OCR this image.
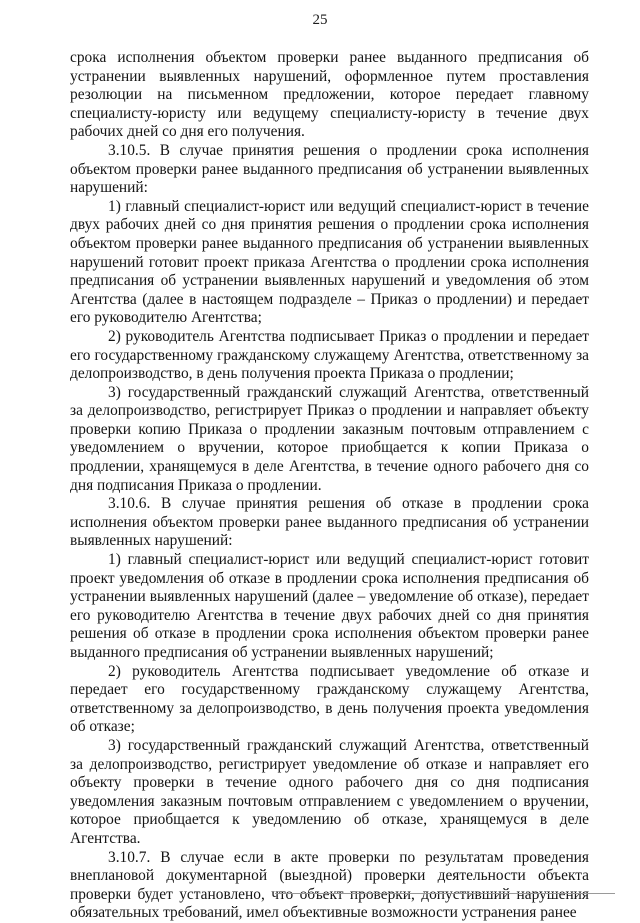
25

срока исполнения объектом проверки ранее выданного предписания об устранении выявленных нарушений, оформленное путем проставления резолюции на письменном предложении, которое передает главному специалисту-юристу или ведущему специалисту-юристу в течение двух рабочих дней со дня его получения.

3.10.5. В случае принятия решения о продлении срока исполнения объектом проверки ранее выданного предписания об устранении выявленных нарушений:

1) главный специалист-юрист или ведущий специалист-юрист в течение двух рабочих дней со дня принятия решения о продлении срока исполнения объектом проверки ранее выданного предписания об устранении выявленных нарушений готовит проект приказа Агентства о продлении срока исполнения предписания об устранении выявленных нарушений и уведомления об этом Агентства (далее в настоящем подразделе – Приказ о продлении) и передает его руководителю Агентства;

2) руководитель Агентства подписывает Приказ о продлении и передает его государственному гражданскому служащему Агентства, ответственному за делопроизводство, в день получения проекта Приказа о продлении;

3) государственный гражданский служащий Агентства, ответственный за делопроизводство, регистрирует Приказ о продлении и направляет объекту проверки копию Приказа о продлении заказным почтовым отправлением с уведомлением о вручении, которое приобщается к копии Приказа о продлении, хранящемуся в деле Агентства, в течение одного рабочего дня со дня подписания Приказа о продлении.

3.10.6. В случае принятия решения об отказе в продлении срока исполнения объектом проверки ранее выданного предписания об устранении выявленных нарушений:

1) главный специалист-юрист или ведущий специалист-юрист готовит проект уведомления об отказе в продлении срока исполнения предписания об устранении выявленных нарушений (далее – уведомление об отказе), передает его руководителю Агентства в течение двух рабочих дней со дня принятия решения об отказе в продлении срока исполнения объектом проверки ранее выданного предписания об устранении выявленных нарушений;

2) руководитель Агентства подписывает уведомление об отказе и передает его государственному гражданскому служащему Агентства, ответственному за делопроизводство, в день получения проекта уведомления об отказе;

3) государственный гражданский служащий Агентства, ответственный за делопроизводство, регистрирует уведомление об отказе и направляет его объекту проверки в течение одного рабочего дня со дня подписания уведомления заказным почтовым отправлением с уведомлением о вручении, которое приобщается к уведомлению об отказе, хранящемуся в деле Агентства.

3.10.7. В случае если в акте проверки по результатам проведения внеплановой документарной (выездной) проверки деятельности объекта проверки будет установлено, что объект проверки, допустивший нарушения обязательных требований, имел объективные возможности устранения ранее
